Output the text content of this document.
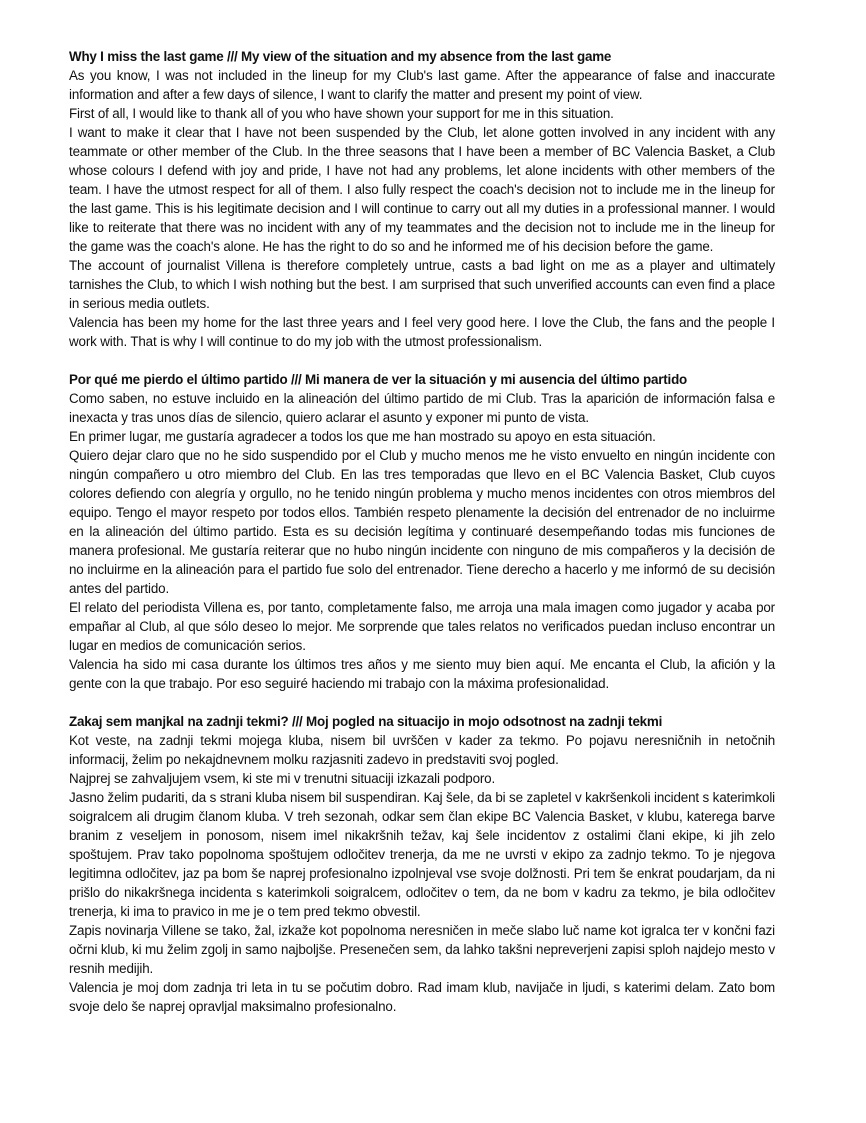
Why I miss the last game /// My view of the situation and my absence from the last game

As you know, I was not included in the lineup for my Club's last game. After the appearance of false and inaccurate information and after a few days of silence, I want to clarify the matter and present my point of view.

First of all, I would like to thank all of you who have shown your support for me in this situation.

I want to make it clear that I have not been suspended by the Club, let alone gotten involved in any incident with any teammate or other member of the Club. In the three seasons that I have been a member of BC Valencia Basket, a Club whose colours I defend with joy and pride, I have not had any problems, let alone incidents with other members of the team. I have the utmost respect for all of them. I also fully respect the coach's decision not to include me in the lineup for the last game. This is his legitimate decision and I will continue to carry out all my duties in a professional manner. I would like to reiterate that there was no incident with any of my teammates and the decision not to include me in the lineup for the game was the coach's alone. He has the right to do so and he informed me of his decision before the game.

The account of journalist Villena is therefore completely untrue, casts a bad light on me as a player and ultimately tarnishes the Club, to which I wish nothing but the best. I am surprised that such unverified accounts can even find a place in serious media outlets.

Valencia has been my home for the last three years and I feel very good here. I love the Club, the fans and the people I work with. That is why I will continue to do my job with the utmost professionalism.

Por qué me pierdo el último partido /// Mi manera de ver la situación y mi ausencia del último partido

Como saben, no estuve incluido en la alineación del último partido de mi Club. Tras la aparición de información falsa e inexacta y tras unos días de silencio, quiero aclarar el asunto y exponer mi punto de vista.

En primer lugar, me gustaría agradecer a todos los que me han mostrado su apoyo en esta situación.

Quiero dejar claro que no he sido suspendido por el Club y mucho menos me he visto envuelto en ningún incidente con ningún compañero u otro miembro del Club. En las tres temporadas que llevo en el BC Valencia Basket, Club cuyos colores defiendo con alegría y orgullo, no he tenido ningún problema y mucho menos incidentes con otros miembros del equipo. Tengo el mayor respeto por todos ellos. También respeto plenamente la decisión del entrenador de no incluirme en la alineación del último partido. Esta es su decisión legítima y continuaré desempeñando todas mis funciones de manera profesional. Me gustaría reiterar que no hubo ningún incidente con ninguno de mis compañeros y la decisión de no incluirme en la alineación para el partido fue solo del entrenador. Tiene derecho a hacerlo y me informó de su decisión antes del partido.

El relato del periodista Villena es, por tanto, completamente falso, me arroja una mala imagen como jugador y acaba por empañar al Club, al que sólo deseo lo mejor. Me sorprende que tales relatos no verificados puedan incluso encontrar un lugar en medios de comunicación serios.

Valencia ha sido mi casa durante los últimos tres años y me siento muy bien aquí. Me encanta el Club, la afición y la gente con la que trabajo. Por eso seguiré haciendo mi trabajo con la máxima profesionalidad.

Zakaj sem manjkal na zadnji tekmi? /// Moj pogled na situacijo in mojo odsotnost na zadnji tekmi

Kot veste, na zadnji tekmi mojega kluba, nisem bil uvrščen v kader za tekmo. Po pojavu neresničnih in netočnih informacij, želim po nekajdnevnem molku razjasniti zadevo in predstaviti svoj pogled.

Najprej se zahvaljujem vsem, ki ste mi v trenutni situaciji izkazali podporo.

Jasno želim pudariti, da s strani kluba nisem bil suspendiran. Kaj šele, da bi se zapletel v kakršenkoli incident s katerimkoli soigralcem ali drugim članom kluba. V treh sezonah, odkar sem član ekipe BC Valencia Basket, v klubu, katerega barve branim z veseljem in ponosom, nisem imel nikakršnih težav, kaj šele incidentov z ostalimi člani ekipe, ki jih zelo spoštujem. Prav tako popolnoma spoštujem odločitev trenerja, da me ne uvrsti v ekipo za zadnjo tekmo. To je njegova legitimna odločitev, jaz pa bom še naprej profesionalno izpolnjeval vse svoje dolžnosti. Pri tem še enkrat poudarjam, da ni prišlo do nikakršnega incidenta s katerimkoli soigralcem, odločitev o tem, da ne bom v kadru za tekmo, je bila odločitev trenerja, ki ima to pravico in me je o tem pred tekmo obvestil.

Zapis novinarja Villene se tako, žal, izkaže kot popolnoma neresničen in meče slabo luč name kot igralca ter v končni fazi očrni klub, ki mu želim zgolj in samo najboljše. Presenečen sem, da lahko takšni nepreverjeni zapisi sploh najdejo mesto v resnih medijih.

Valencia je moj dom zadnja tri leta in tu se počutim dobro. Rad imam klub, navijače in ljudi, s katerimi delam. Zato bom svoje delo še naprej opravljal maksimalno profesionalno.
